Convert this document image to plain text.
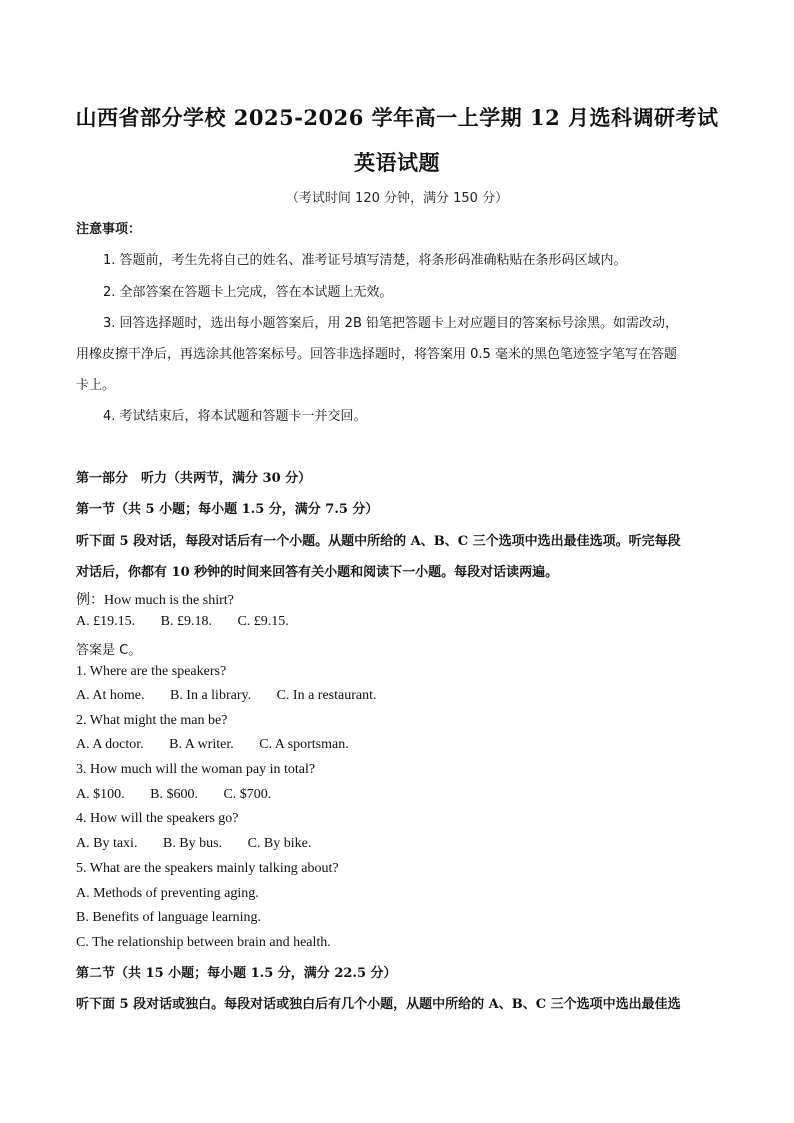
山西省部分学校 2025-2026 学年高一上学期 12 月选科调研考试
英语试题
（考试时间 120 分钟，满分 150 分）
注意事项：
1. 答题前，考生先将自己的姓名、准考证号填写清楚，将条形码准确粘贴在条形码区域内。
2. 全部答案在答题卡上完成，答在本试题上无效。
3. 回答选择题时，选出每小题答案后，用 2B 铅笔把答题卡上对应题目的答案标号涂黑。如需改动，
用橡皮擦干净后，再选涂其他答案标号。回答非选择题时，将答案用 0.5 毫米的黑色笔迹签字笔写在答题
卡上。
4. 考试结束后，将本试题和答题卡一并交回。
第一部分　听力（共两节，满分 30 分）
第一节（共 5 小题；每小题 1.5 分，满分 7.5 分）
听下面 5 段对话，每段对话后有一个小题。从题中所给的 A、B、C 三个选项中选出最佳选项。听完每段
对话后，你都有 10 秒钟的时间来回答有关小题和阅读下一小题。每段对话读两遍。
例：How much is the shirt?
A. £19.15. B. £9.18. C. £9.15.
答案是 C。
1. Where are the speakers?
A. At home. B. In a library. C. In a restaurant.
2. What might the man be?
A. A doctor. B. A writer. C. A sportsman.
3. How much will the woman pay in total?
A. $100. B. $600. C. $700.
4. How will the speakers go?
A. By taxi. B. By bus. C. By bike.
5. What are the speakers mainly talking about?
A. Methods of preventing aging.
B. Benefits of language learning.
C. The relationship between brain and health.
第二节（共 15 小题；每小题 1.5 分，满分 22.5 分）
听下面 5 段对话或独白。每段对话或独白后有几个小题，从题中所给的 A、B、C 三个选项中选出最佳选
